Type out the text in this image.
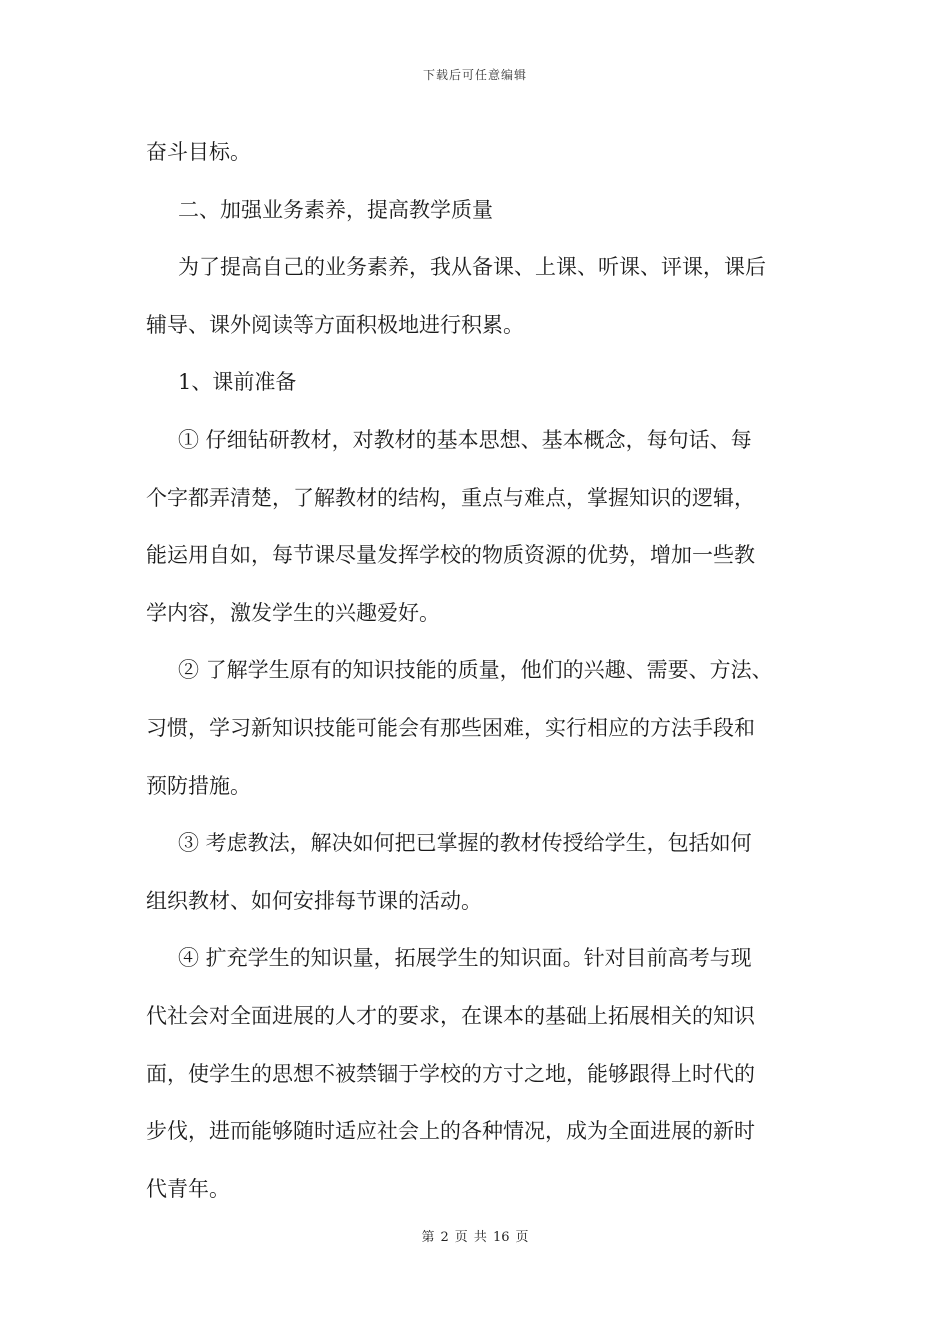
下载后可任意编辑
奋斗目标。
二、加强业务素养，提高教学质量
为了提高自己的业务素养，我从备课、上课、听课、评课，课后
辅导、课外阅读等方面积极地进行积累。
1、课前准备
① 仔细钻研教材，对教材的基本思想、基本概念，每句话、每
个字都弄清楚，了解教材的结构，重点与难点，掌握知识的逻辑，
能运用自如，每节课尽量发挥学校的物质资源的优势，增加一些教
学内容，激发学生的兴趣爱好。
② 了解学生原有的知识技能的质量，他们的兴趣、需要、方法、
习惯，学习新知识技能可能会有那些困难，实行相应的方法手段和
预防措施。
③ 考虑教法，解决如何把已掌握的教材传授给学生，包括如何
组织教材、如何安排每节课的活动。
④ 扩充学生的知识量，拓展学生的知识面。针对目前高考与现
代社会对全面进展的人才的要求，在课本的基础上拓展相关的知识
面，使学生的思想不被禁锢于学校的方寸之地，能够跟得上时代的
步伐，进而能够随时适应社会上的各种情况，成为全面进展的新时
代青年。
第 2 页 共 16 页
